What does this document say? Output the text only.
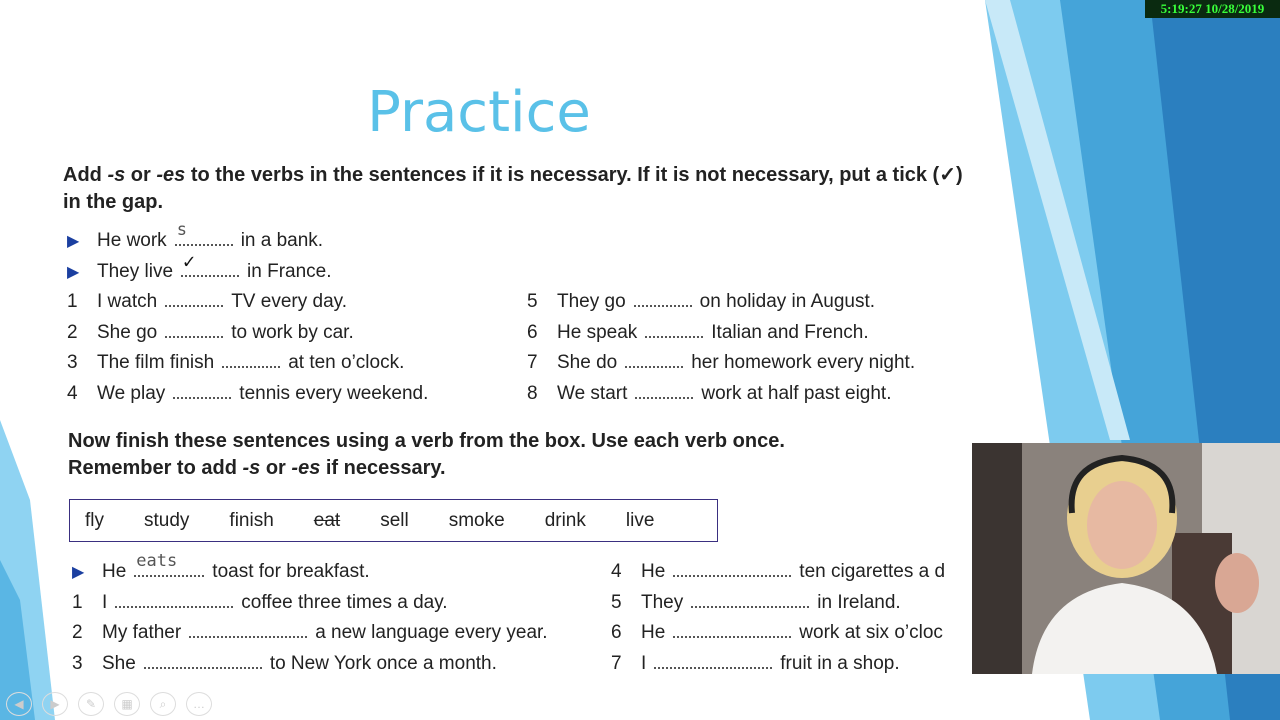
5:19:27 10/28/2019
Practice

Add -s or -es to the verbs in the sentences if it is necessary. If it is not necessary, put a tick (✓) in the gap.

▶ He work s	in a bank.
▶ They live ✓	in France.
1 I watch	TV every day.
2 She go	to work by car.
3 The film finish	at ten o’clock.
4 We play	tennis every weekend.
5 They go	on holiday in August.
6 He speak	Italian and French.
7 She do	her homework every night.
8 We start	work at half past eight.

Now finish these sentences using a verb from the box. Use each verb once.
Remember to add -s or -es if necessary.

fly study finish eat sell smoke drink live
▶ He eats toast for breakfast.
1 I	coffee three times a day.
2 My father	a new language every year.
3 She	to New York once a month.
4 He	ten cigarettes a d
5 They	in Ireland.
6 He	work at six o’cloc
7 I	fruit in a shop.
◀	▶	✎	▦	⌕	…
